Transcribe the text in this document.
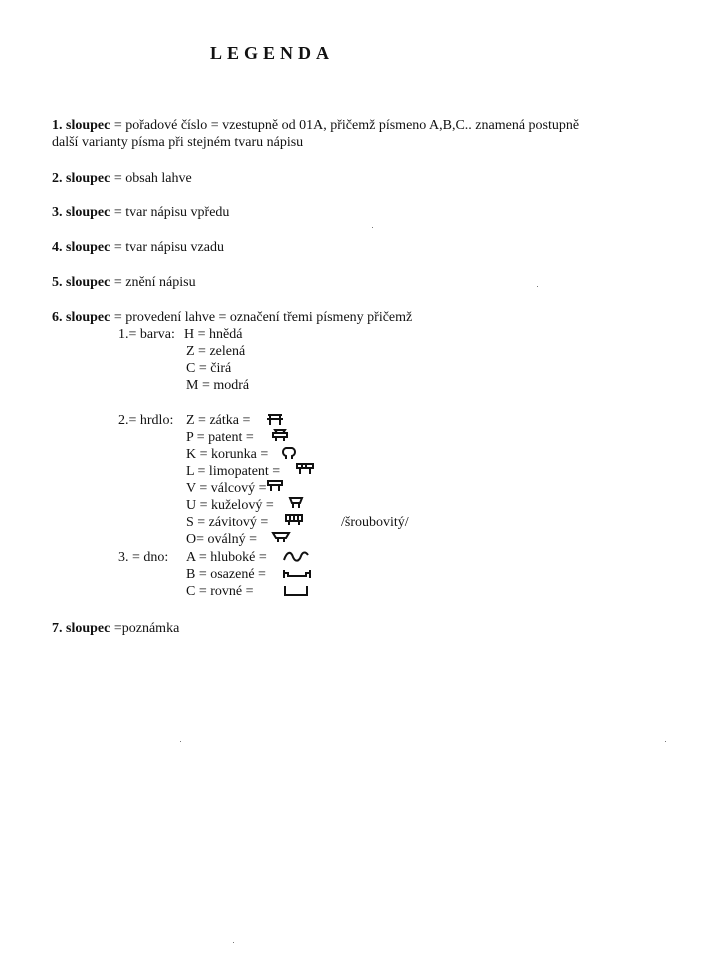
LEGENDA
1. sloupec = pořadové číslo = vzestupně od 01A, přičemž písmeno A,B,C.. znamená postupně
další varianty písma při stejném tvaru nápisu
2. sloupec = obsah lahve
3. sloupec = tvar nápisu vpředu
4. sloupec = tvar nápisu vzadu
5. sloupec = znění nápisu
6. sloupec = provedení lahve = označení třemi písmeny přičemž
1.= barva: H = hnědá
Z = zelená
C = čirá
M = modrá
2.= hrdlo: Z = zátka =
P = patent =
K = korunka =
L = limopatent =
V = válcový =
U = kuželový =
S = závitový =
O= oválný =
/šroubovitý/
3. = dno: A = hluboké =
B = osazené =
C = rovné =
7. sloupec =poznámka
